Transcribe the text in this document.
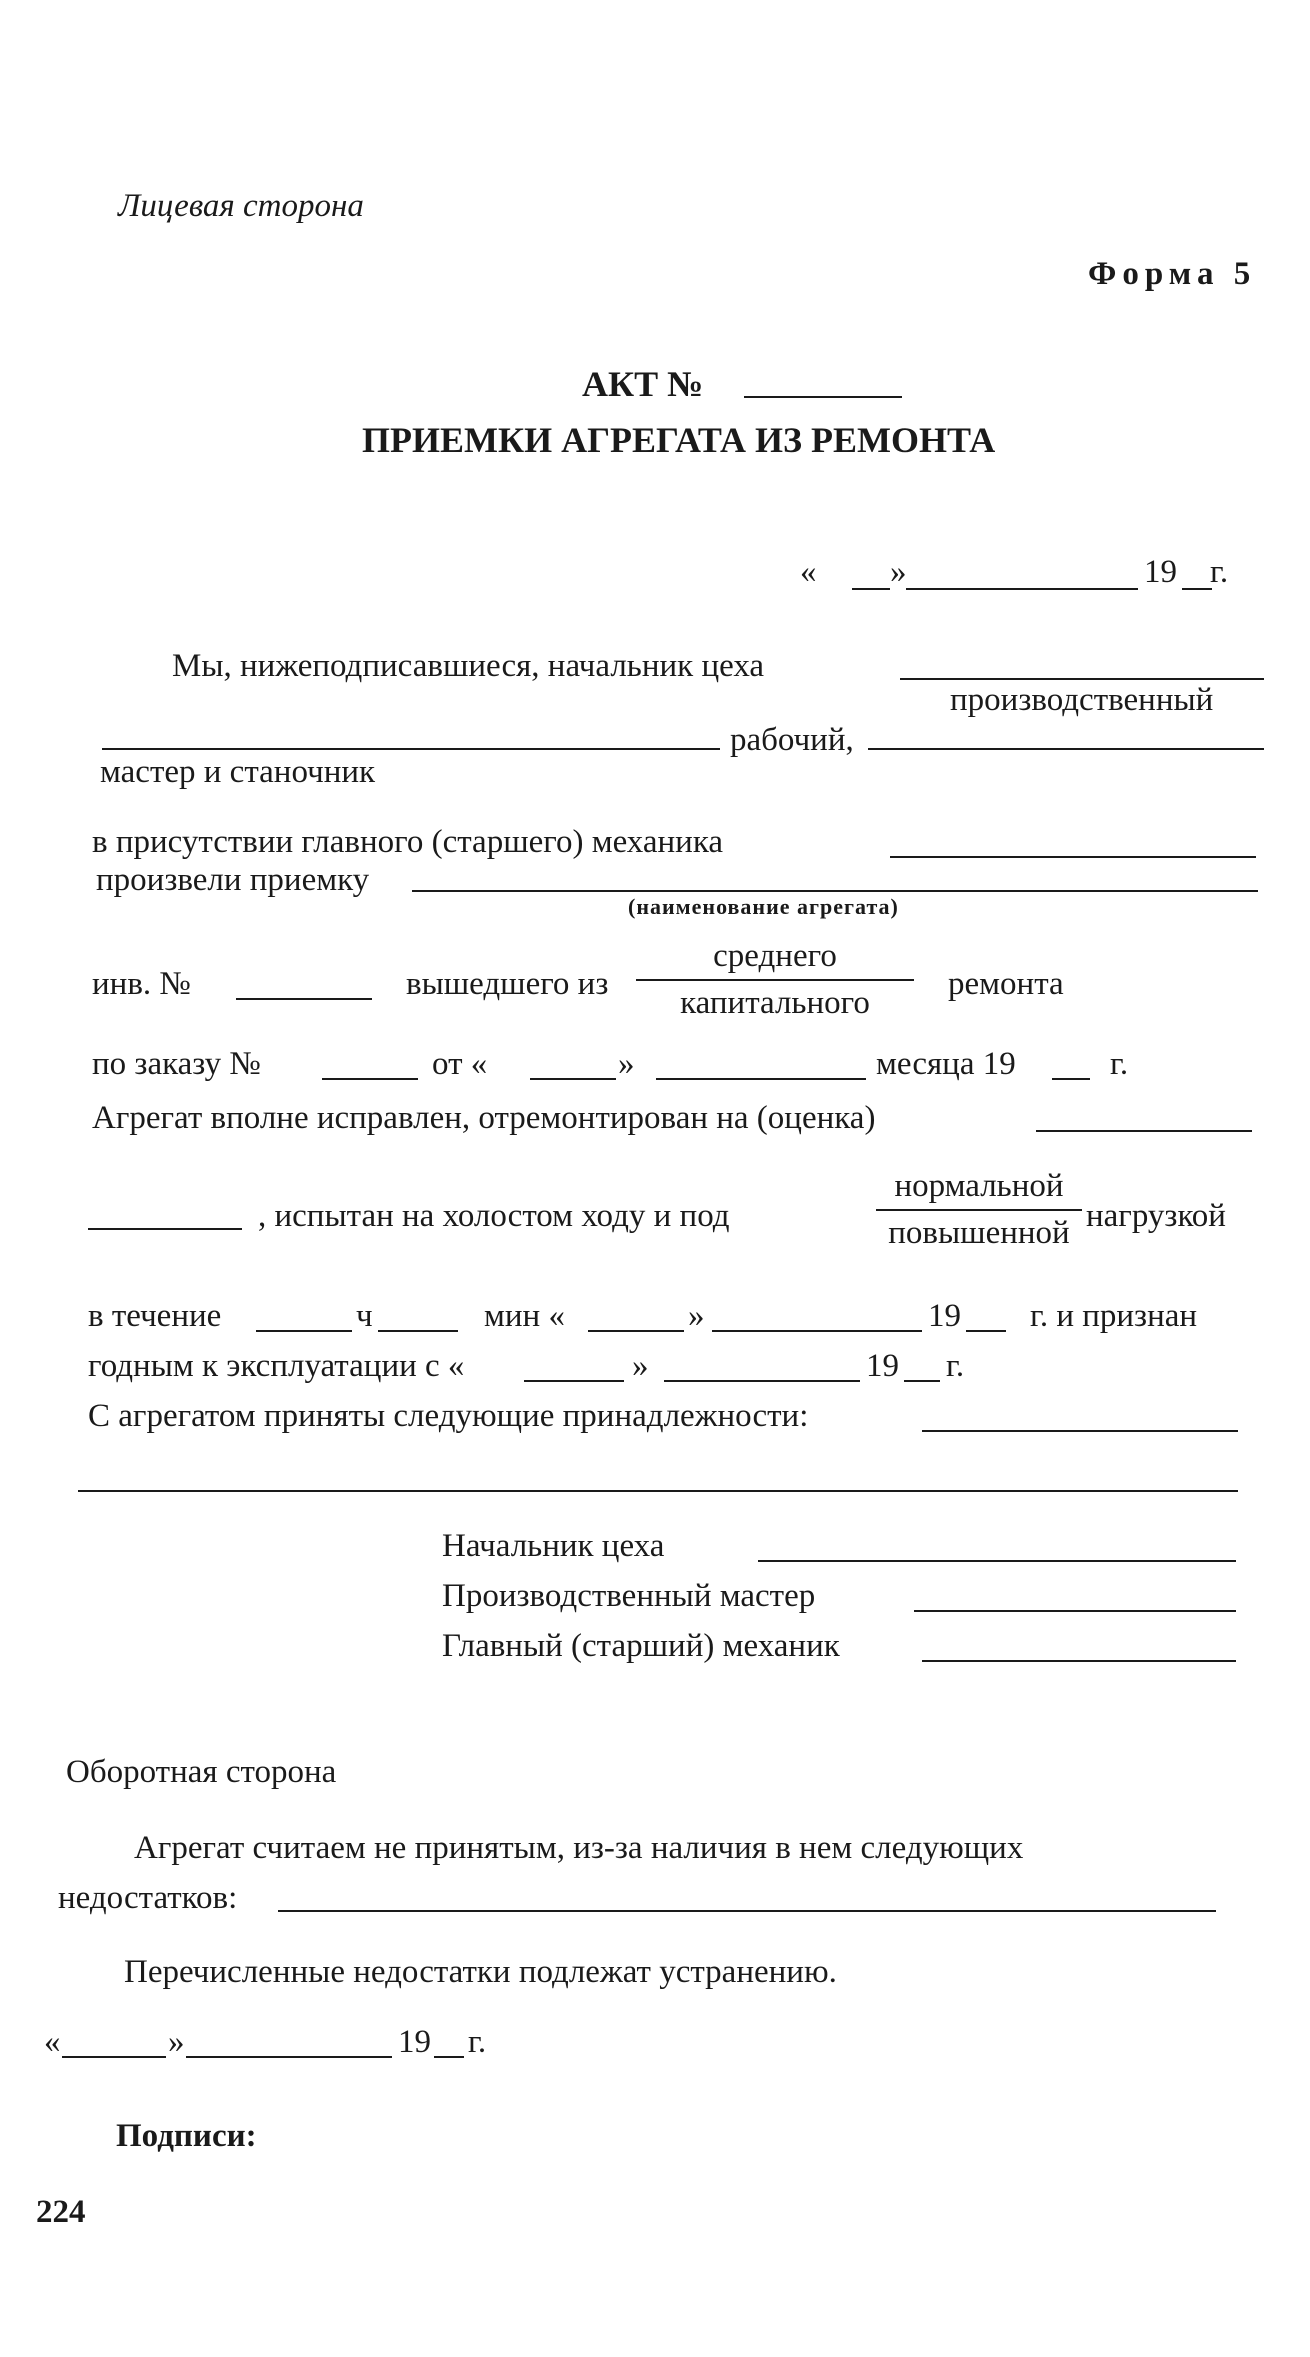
Лицевая сторона
Форма 5
АКТ №
ПРИЕМКИ АГРЕГАТА ИЗ РЕМОНТА
« »	19 г.
Мы, нижеподписавшиеся, начальник цеха
производственный
рабочий,
мастер и станочник
в присутствии главного (старшего) механика
произвели приемку
(наименование агрегата)
инв. №	вышедшего из
среднего
капитального
ремонта
по заказу №	от «	»	месяца 19	г.
Агрегат вполне исправлен, отремонтирован на (оценка)
, испытан на холостом ходу и под
нормальной
повышенной нагрузкой
в течение	ч	мин «	»	19 г. и признан
годным к эксплуатации с «	»	19 г.
С агрегатом приняты следующие принадлежности:
Начальник цеха
Производственный мастер
Главный (старший) механик
Оборотная сторона
Агрегат считаем не принятым, из-за наличия в нем следующих
недостатков:
Перечисленные недостатки подлежат устранению.
«	»	19 г.
Подписи:
224
